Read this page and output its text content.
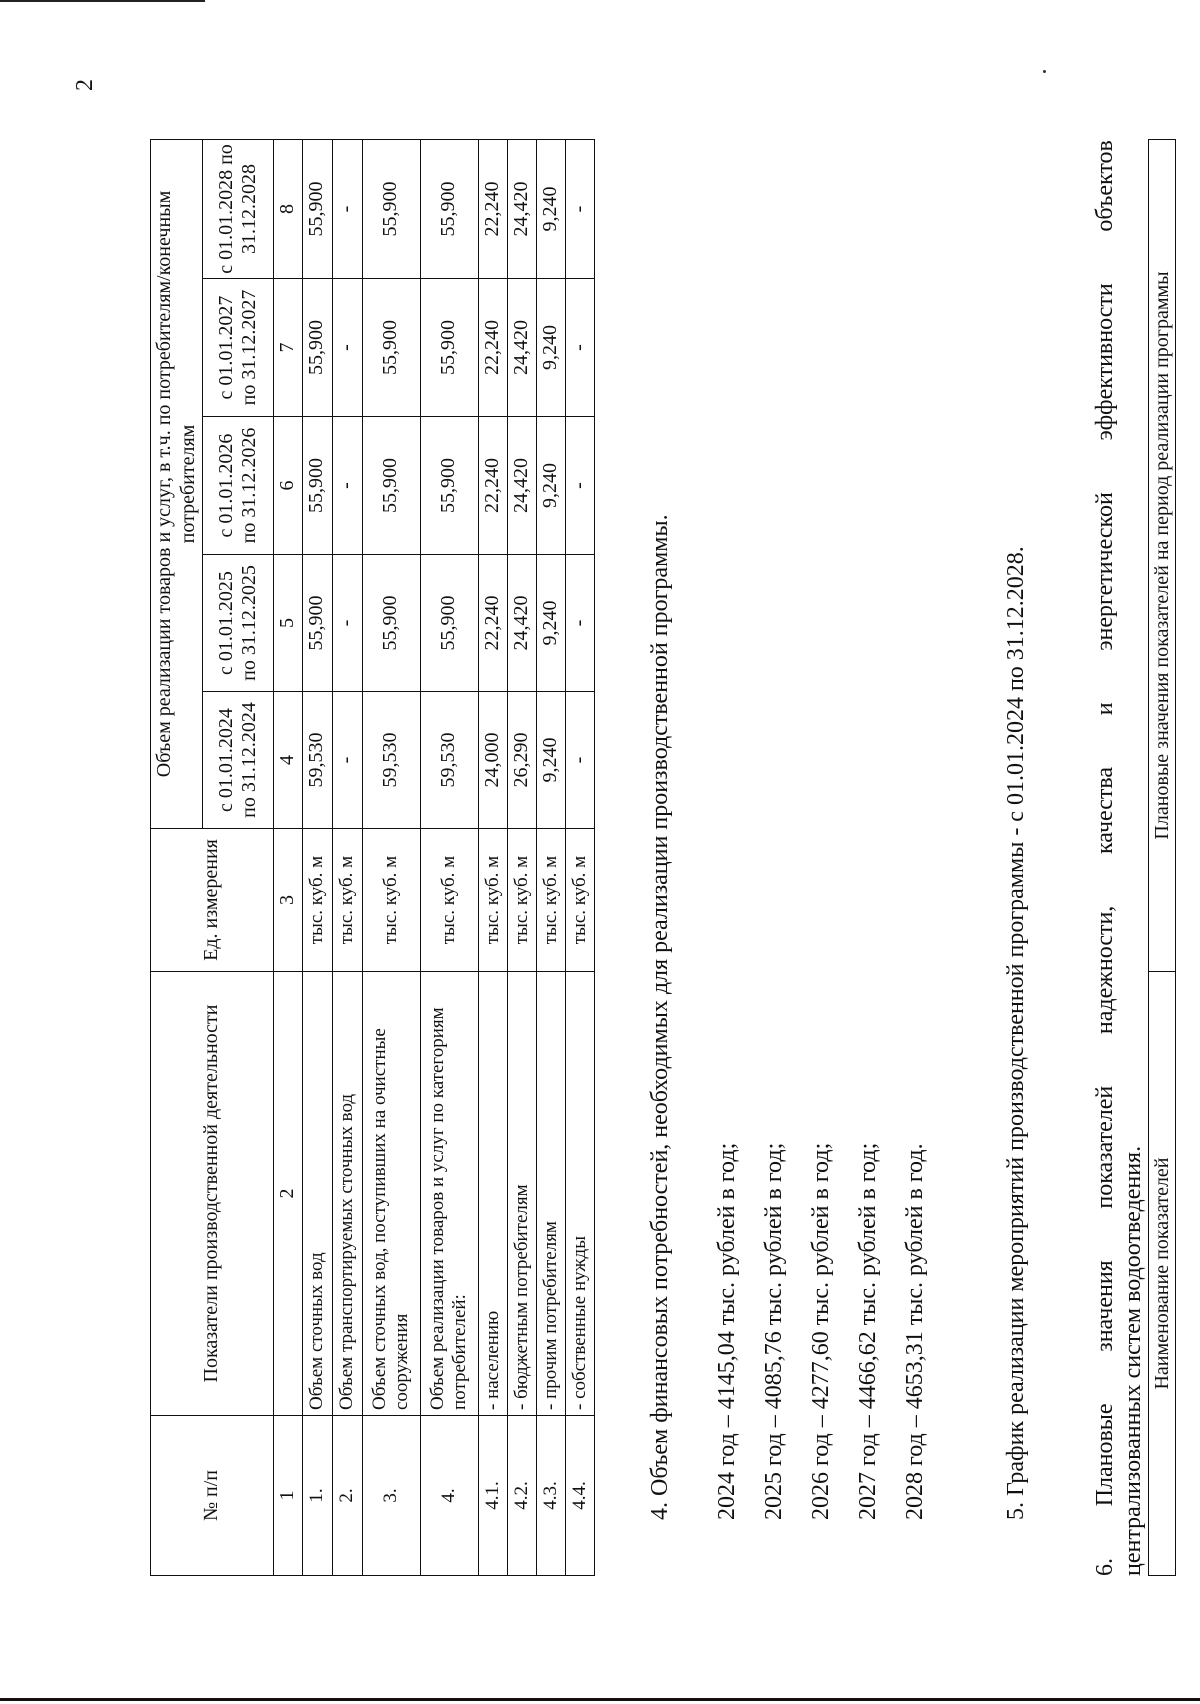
2
№ п/п	Показатели производственной деятельности	Ед. измерения	Объем реализации товаров и услуг, в т.ч. по потребителям/конечным потребителям				
			с 01.01.2024 по 31.12.2024	с 01.01.2025 по 31.12.2025	с 01.01.2026 по 31.12.2026	с 01.01.2027 по 31.12.2027	с 01.01.2028 по 31.12.2028
1	2	3	4	5	6	7	8
1.	Объем сточных вод	тыс. куб. м	59,530	55,900	55,900	55,900	55,900
2.	Объем транспортируемых сточных вод	тыс. куб. м	-	-	-	-	-
3.	Объем сточных вод, поступивших на очистные сооружения	тыс. куб. м	59,530	55,900	55,900	55,900	55,900
4.	Объем реализации товаров и услуг по категориям потребителей:	тыс. куб. м	59,530	55,900	55,900	55,900	55,900
4.1.	- населению	тыс. куб. м	24,000	22,240	22,240	22,240	22,240
4.2.	- бюджетным потребителям	тыс. куб. м	26,290	24,420	24,420	24,420	24,420
4.3.	- прочим потребителям	тыс. куб. м	9,240	9,240	9,240	9,240	9,240
4.4.	- собственные нужды	тыс. куб. м	-	-	-	-	-
4. Объем финансовых потребностей, необходимых для реализации производственной программы. 2024 год – 4145,04 тыс. рублей в год; 2025 год – 4085,76 тыс. рублей в год; 2026 год – 4277,60 тыс. рублей в год; 2027 год – 4466,62 тыс. рублей в год; 2028 год – 4653,31 тыс. рублей в год.	5. График реализации мероприятий производственной программы - с 01.01.2024 по 31.12.2028.
6.
Плановые
значения
показателей
надежности,
качества
и
энергетической
эффективности
объектов
централизованных систем водоотведения. Наименование показателей	Плановые значения показателей на период реализации программы
